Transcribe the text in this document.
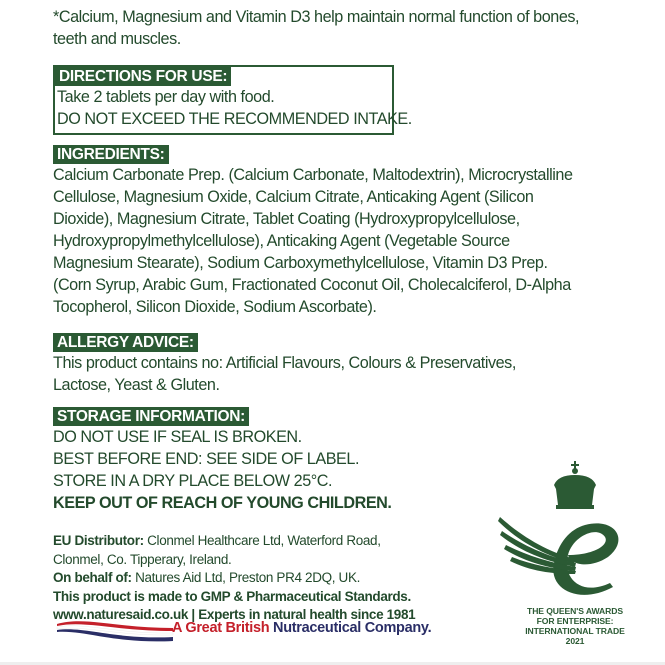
*Calcium, Magnesium and Vitamin D3 help maintain normal function of bones,
teeth and muscles.
DIRECTIONS FOR USE:
Take 2 tablets per day with food.
DO NOT EXCEED THE RECOMMENDED INTAKE.
INGREDIENTS:
Calcium Carbonate Prep. (Calcium Carbonate, Maltodextrin), Microcrystalline
Cellulose, Magnesium Oxide, Calcium Citrate, Anticaking Agent (Silicon
Dioxide), Magnesium Citrate, Tablet Coating (Hydroxypropylcellulose,
Hydroxypropylmethylcellulose), Anticaking Agent (Vegetable Source
Magnesium Stearate), Sodium Carboxymethylcellulose, Vitamin D3 Prep.
(Corn Syrup, Arabic Gum, Fractionated Coconut Oil, Cholecalciferol, D-Alpha
Tocopherol, Silicon Dioxide, Sodium Ascorbate).
ALLERGY ADVICE:
This product contains no: Artificial Flavours, Colours & Preservatives,
Lactose, Yeast & Gluten.
STORAGE INFORMATION:
DO NOT USE IF SEAL IS BROKEN.
BEST BEFORE END: SEE SIDE OF LABEL.
STORE IN A DRY PLACE BELOW 25°C.
KEEP OUT OF REACH OF YOUNG CHILDREN.
EU Distributor: Clonmel Healthcare Ltd, Waterford Road,
Clonmel, Co. Tipperary, Ireland.
On behalf of: Natures Aid Ltd, Preston PR4 2DQ, UK.
This product is made to GMP & Pharmaceutical Standards.
www.naturesaid.co.uk | Experts in natural health since 1981
A Great British Nutraceutical Company.
THE QUEEN'S AWARDS
FOR ENTERPRISE:
INTERNATIONAL TRADE
2021
